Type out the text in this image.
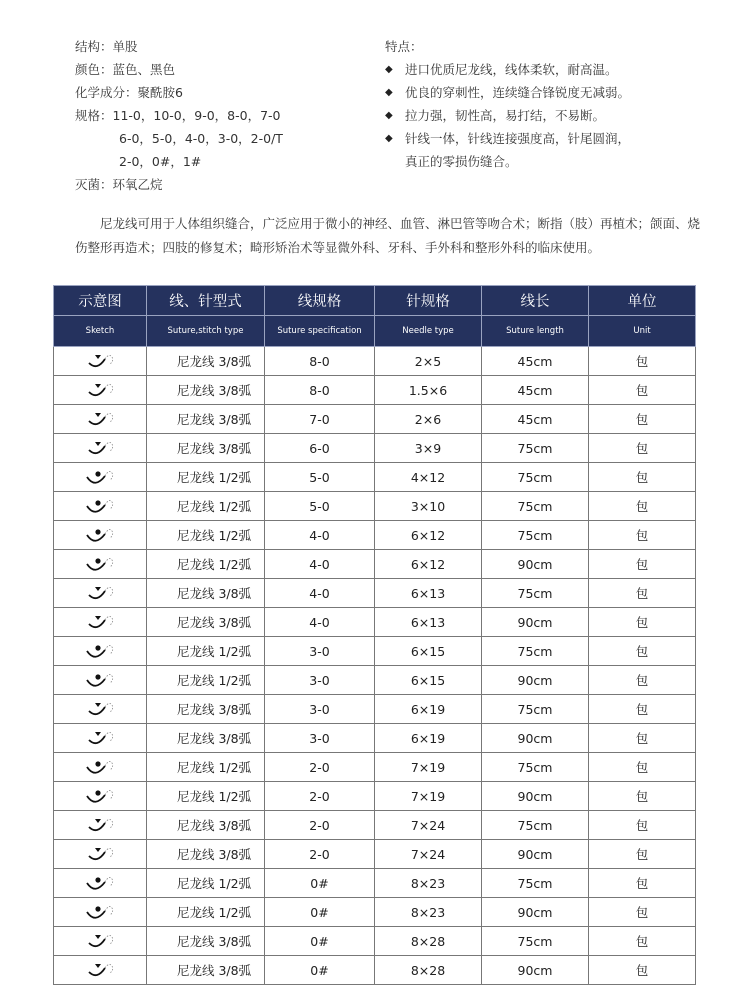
结构：单股
颜色：蓝色、黑色
化学成分：聚酰胺6
规格：11-0，10-0，9-0，8-0，7-0
6-0，5-0，4-0，3-0，2-0/T
2-0，0#，1#
灭菌：环氧乙烷
特点：
◆ 进口优质尼龙线，线体柔软，耐高温。
◆ 优良的穿刺性，连续缝合锋锐度无减弱。
◆ 拉力强，韧性高，易打结，不易断。
◆ 针线一体，针线连接强度高，针尾圆润，
真正的零损伤缝合。
尼龙线可用于人体组织缝合，广泛应用于微小的神经、血管、淋巴管等吻合术；断指（肢）再植术；颌面、烧伤整形再造术；四肢的修复术；畸形矫治术等显微外科、牙科、手外科和整形外科的临床使用。
示意图	线、针型式	线规格	针规格	线长	单位
Sketch	Suture,stitch type	Suture specification	Needle type	Suture length	Unit

	尼龙线 3/8弧	8-0	2×5	45cm	包

	尼龙线 3/8弧	8-0	1.5×6	45cm	包

	尼龙线 3/8弧	7-0	2×6	45cm	包

	尼龙线 3/8弧	6-0	3×9	75cm	包

	尼龙线 1/2弧	5-0	4×12	75cm	包

	尼龙线 1/2弧	5-0	3×10	75cm	包

	尼龙线 1/2弧	4-0	6×12	75cm	包

	尼龙线 1/2弧	4-0	6×12	90cm	包

	尼龙线 3/8弧	4-0	6×13	75cm	包

	尼龙线 3/8弧	4-0	6×13	90cm	包

	尼龙线 1/2弧	3-0	6×15	75cm	包

	尼龙线 1/2弧	3-0	6×15	90cm	包

	尼龙线 3/8弧	3-0	6×19	75cm	包

	尼龙线 3/8弧	3-0	6×19	90cm	包

	尼龙线 1/2弧	2-0	7×19	75cm	包

	尼龙线 1/2弧	2-0	7×19	90cm	包

	尼龙线 3/8弧	2-0	7×24	75cm	包

	尼龙线 3/8弧	2-0	7×24	90cm	包

	尼龙线 1/2弧	0#	8×23	75cm	包

	尼龙线 1/2弧	0#	8×23	90cm	包

	尼龙线 3/8弧	0#	8×28	75cm	包

	尼龙线 3/8弧	0#	8×28	90cm	包
